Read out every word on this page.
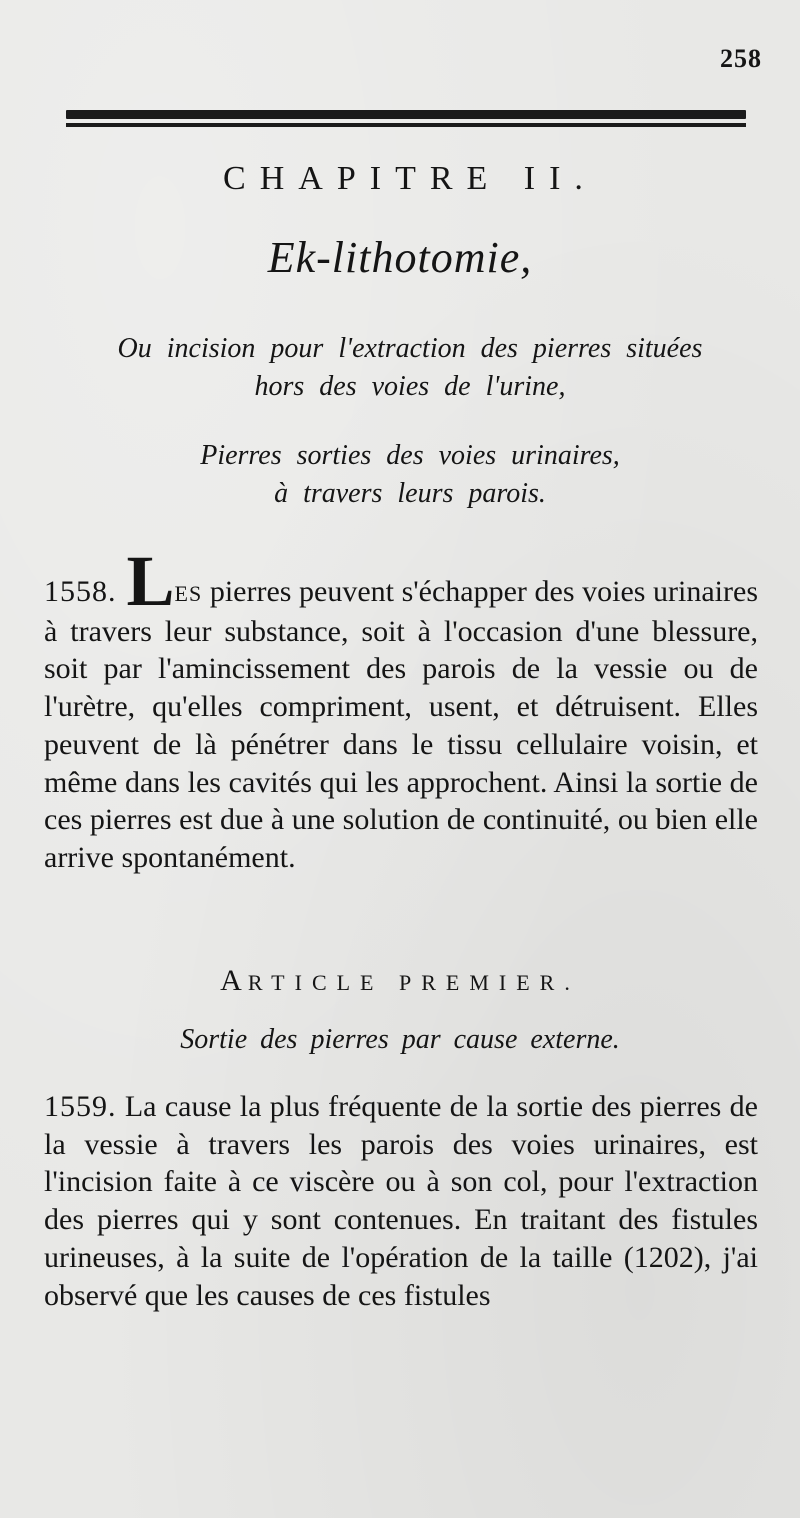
258
CHAPITRE II.
Ek-lithotomie,
Ou incision pour l'extraction des pierres situées
hors des voies de l'urine,
Pierres sorties des voies urinaires,
à travers leurs parois.
1558. LES pierres peuvent s'échapper des voies urinaires à travers leur substance, soit à l'occasion d'une blessure, soit par l'amincissement des parois de la vessie ou de l'urètre, qu'elles compriment, usent, et détruisent. Elles peuvent de là pénétrer dans le tissu cellulaire voisin, et même dans les cavités qui les approchent. Ainsi la sortie de ces pierres est due à une solution de continuité, ou bien elle arrive spontanément.
ARTICLE PREMIER.
Sortie des pierres par cause externe.
1559. La cause la plus fréquente de la sortie des pierres de la vessie à travers les parois des voies urinaires, est l'incision faite à ce viscère ou à son col, pour l'extraction des pierres qui y sont contenues. En traitant des fistules urineuses, à la suite de l'opération de la taille (1202), j'ai observé que les causes de ces fistules
